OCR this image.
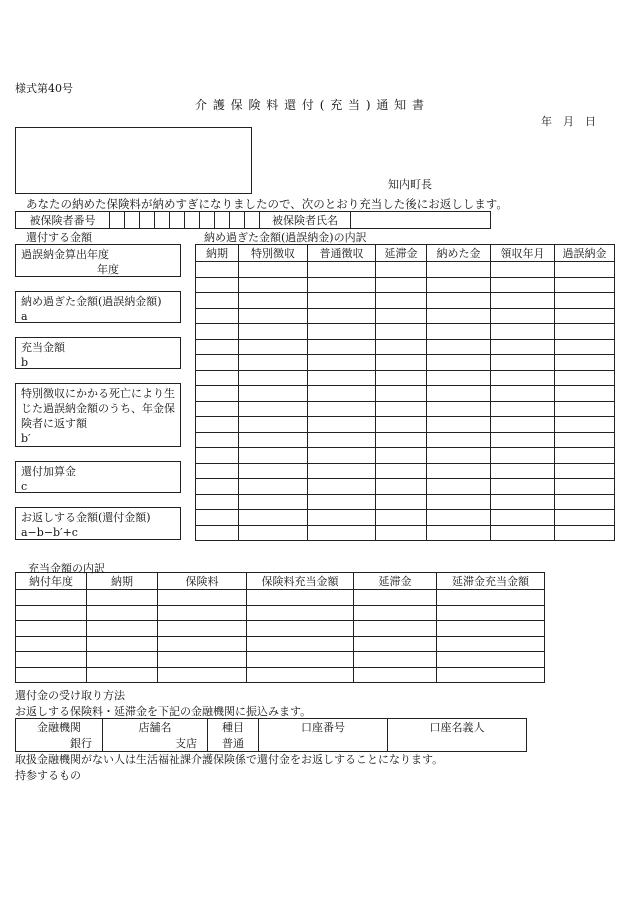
様式第40号
介 護 保 険 料 還 付 ( 充 当 ) 通 知 書
年　月　日
知内町長
あなたの納めた保険料が納めすぎになりましたので、次のとおり充当した後にお返しします。
被保険者番号											被保険者氏名	
還付する金額	納め過ぎた金額(過誤納金)の内訳
過誤納金算出年度
年度
納め過ぎた金額(過誤納金額)
a
充当金額
b
特別徴収にかかる死亡により生じた過誤納金額のうち、年金保険者に返す額
b′
還付加算金
c
お返しする金額(還付金額)
a−b−b′+c
納期	特別徴収	普通徴収	延滞金	納めた金	領収年月	過誤納金

充当金額の内訳
納付年度	納期	保険料	保険料充当金額	延滞金	延滞金充当金額

還付金の受け取り方法
お返しする保険料・延滞金を下記の金融機関に振込みます。
金融機関	店舗名	種目	口座番号	口座名義人
銀行	支店	普通		
取扱金融機関がない人は生活福祉課介護保険係で還付金をお返しすることになります。
持参するもの
